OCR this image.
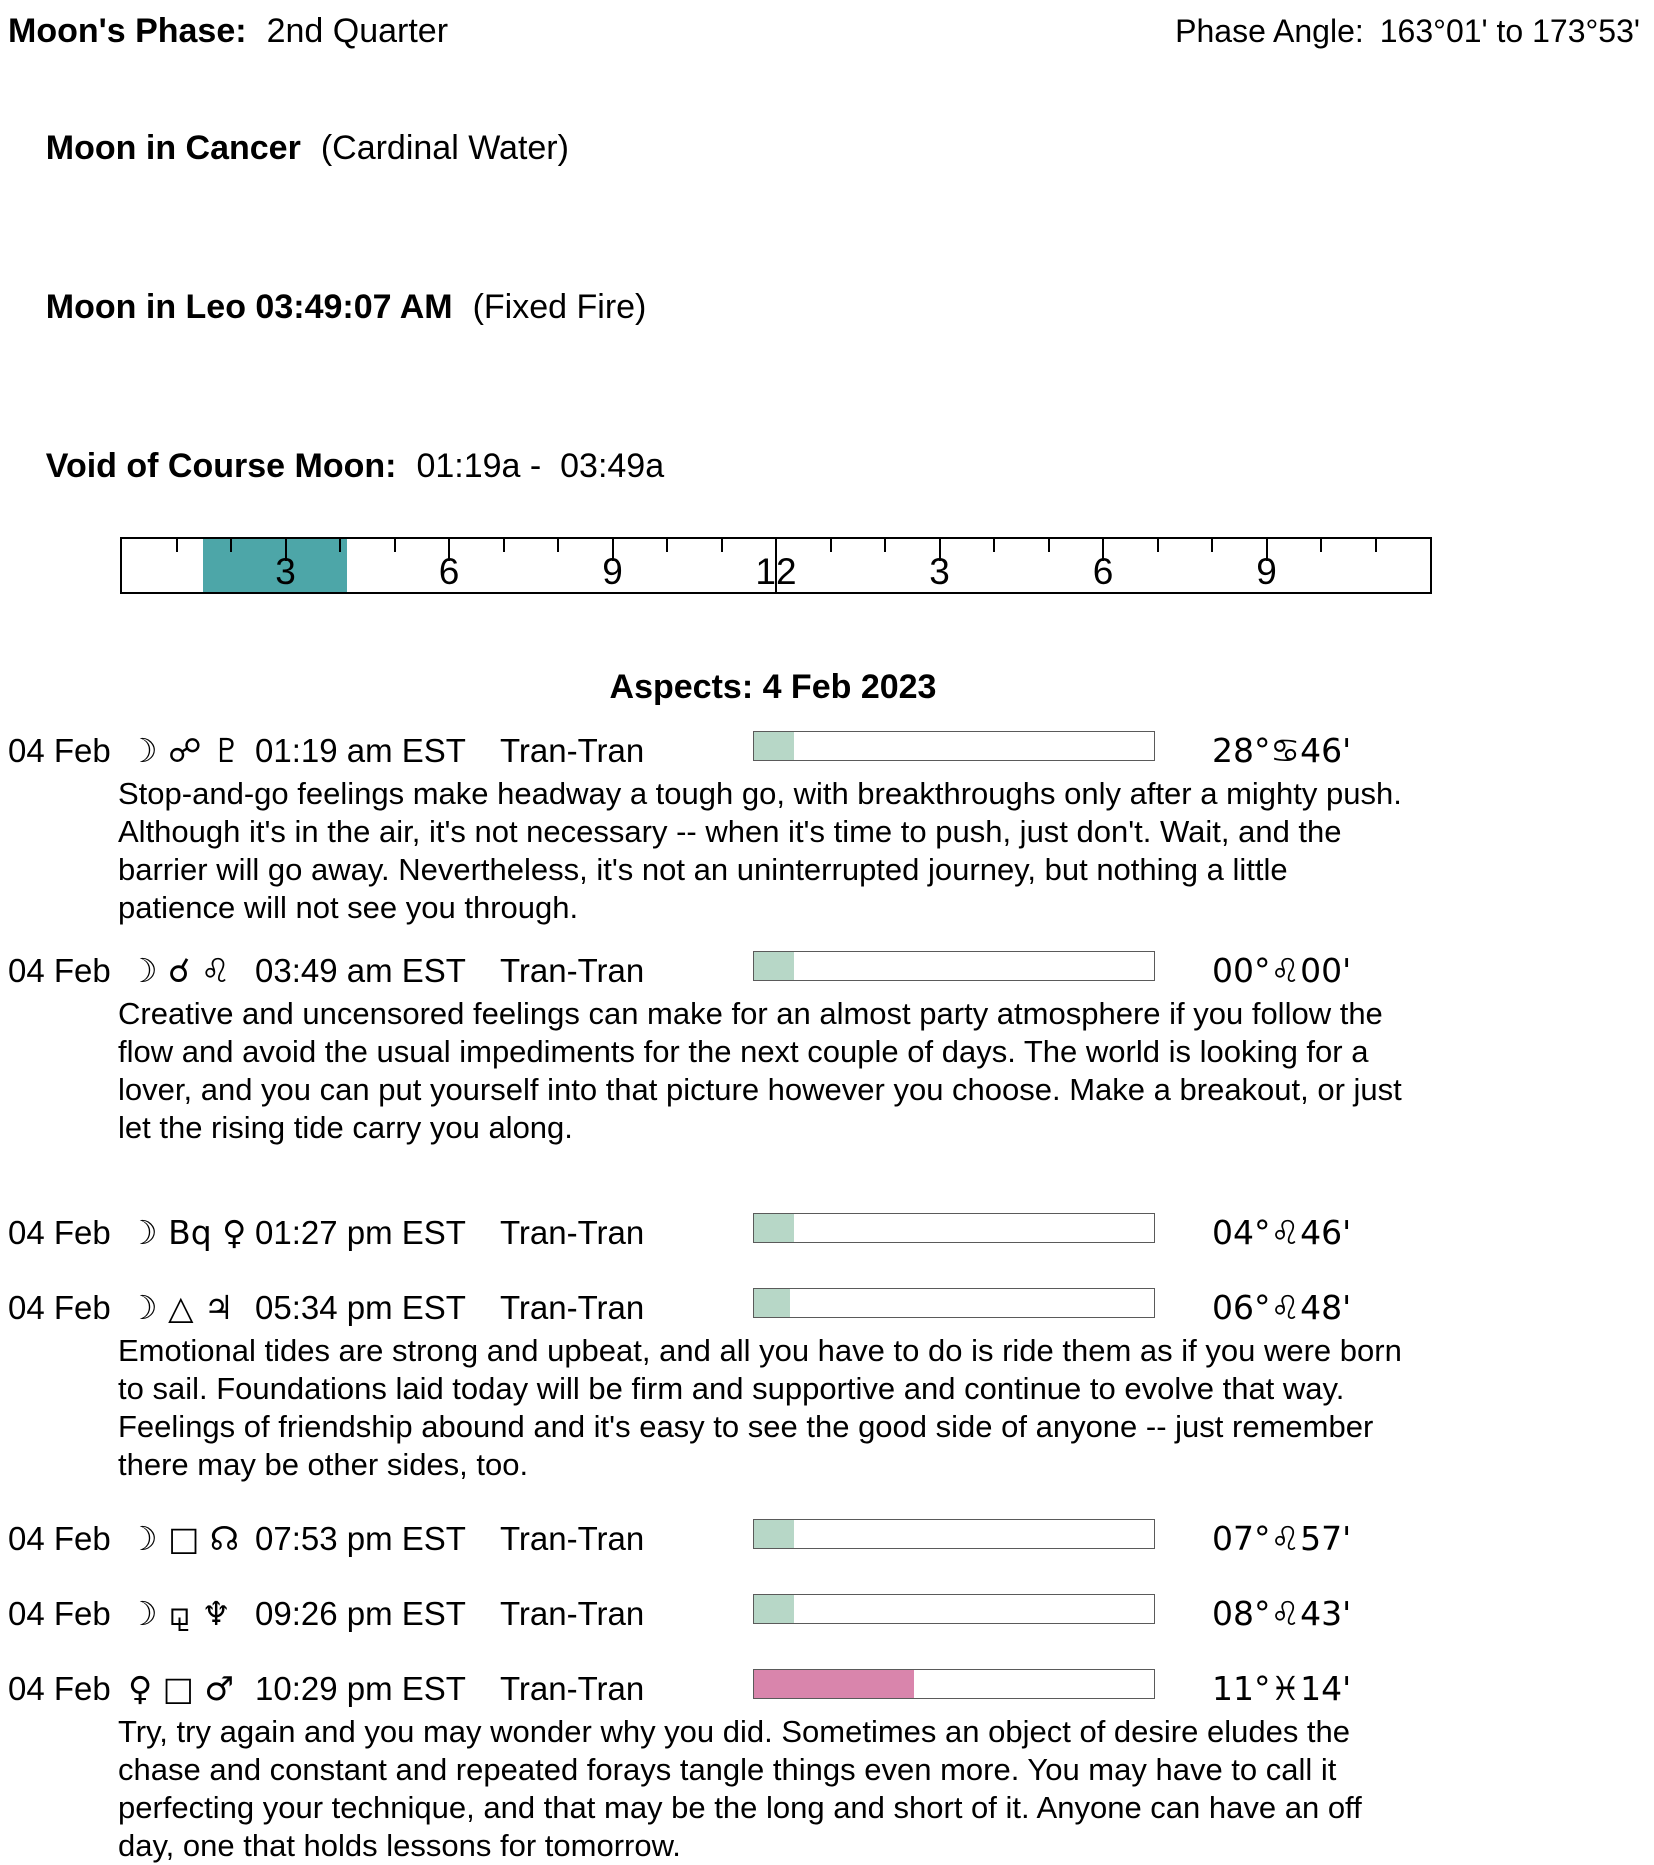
Moon's Phase: 2nd Quarter	Phase Angle: 163°01' to 173°53'

Moon in Cancer (Cardinal Water)

Moon in Leo 03:49:07 AM (Fixed Fire)

Void of Course Moon: 01:19a -  03:49a

3	6	9	12	3	6	9
Aspects: 4 Feb 2023
04 Feb ☽ ☍ ♇ 01:19 am EST Tran-Tran	28°♋46'

Stop-and-go feelings make headway a tough go, with breakthroughs only after a mighty push. Although it's in the air, it's not necessary -- when it's time to push, just don't. Wait, and the barrier will go away. Nevertheless, it's not an uninterrupted journey, but nothing a little patience will not see you through.

04 Feb ☽ ☌ ♌ 03:49 am EST Tran-Tran	00°♌00'

Creative and uncensored feelings can make for an almost party atmosphere if you follow the flow and avoid the usual impediments for the next couple of days. The world is looking for a lover, and you can put yourself into that picture however you choose. Make a breakout, or just let the rising tide carry you along.

04 Feb ☽ Bq ♀ 01:27 pm EST Tran-Tran	04°♌46'
04 Feb ☽ △ ♃ 05:34 pm EST Tran-Tran	06°♌48'

Emotional tides are strong and upbeat, and all you have to do is ride them as if you were born to sail. Foundations laid today will be firm and supportive and continue to evolve that way. Feelings of friendship abound and it's easy to see the good side of anyone -- just remember there may be other sides, too.

04 Feb ☽ □ ☊ 07:53 pm EST Tran-Tran	07°♌57'
04 Feb ☽ ⚼ ♆ 09:26 pm EST Tran-Tran	08°♌43'
04 Feb ♀ □ ♂ 10:29 pm EST Tran-Tran	11°♓14'

Try, try again and you may wonder why you did. Sometimes an object of desire eludes the chase and constant and repeated forays tangle things even more. You may have to call it perfecting your technique, and that may be the long and short of it. Anyone can have an off day, one that holds lessons for tomorrow.
